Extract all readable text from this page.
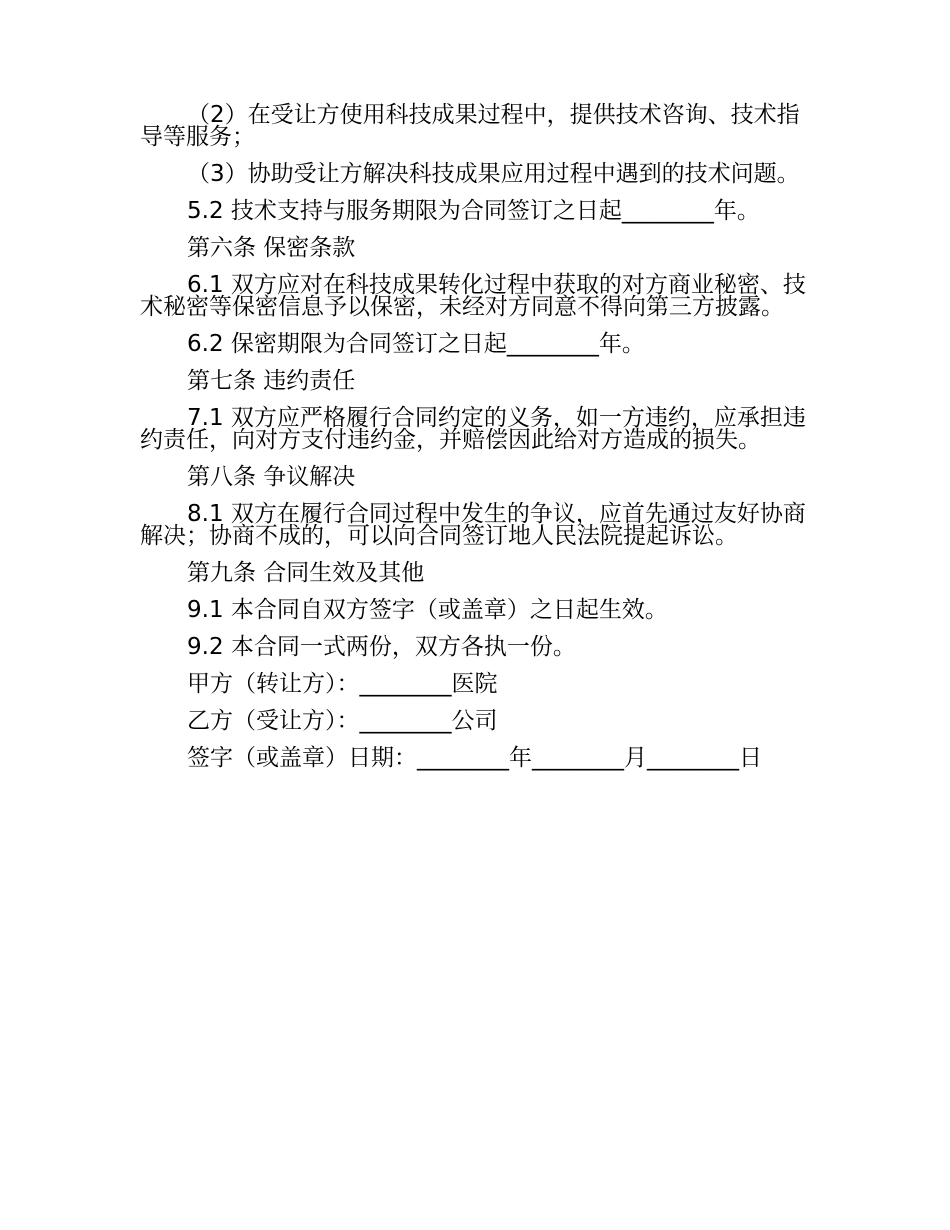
（2）在受让方使用科技成果过程中，提供技术咨询、技术指导等服务；

（3）协助受让方解决科技成果应用过程中遇到的技术问题。

5.2 技术支持与服务期限为合同签订之日起________年。

第六条 保密条款

6.1 双方应对在科技成果转化过程中获取的对方商业秘密、技术秘密等保密信息予以保密，未经对方同意不得向第三方披露。

6.2 保密期限为合同签订之日起________年。

第七条 违约责任

7.1 双方应严格履行合同约定的义务，如一方违约，应承担违约责任，向对方支付违约金，并赔偿因此给对方造成的损失。

第八条 争议解决

8.1 双方在履行合同过程中发生的争议，应首先通过友好协商解决；协商不成的，可以向合同签订地人民法院提起诉讼。

第九条 合同生效及其他

9.1 本合同自双方签字（或盖章）之日起生效。

9.2 本合同一式两份，双方各执一份。

甲方（转让方）：________医院

乙方（受让方）：________公司

签字（或盖章）日期：________年________月________日
